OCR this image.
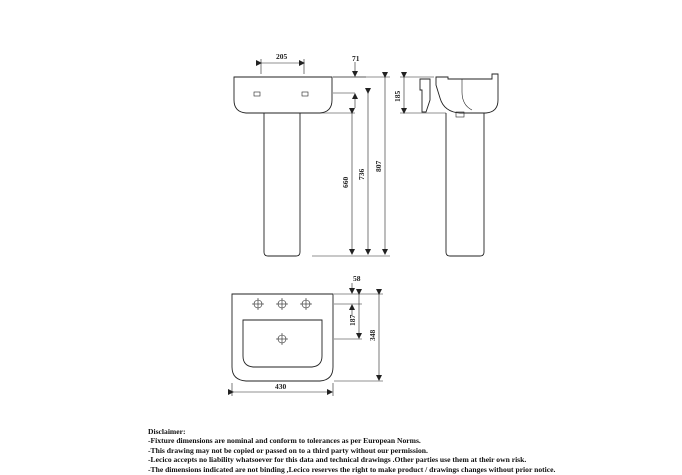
205	71
660
736
807
185
58
187
348
430
Disclaimer:
-Fixture dimensions are nominal and conform to tolerances as per European Norms.
-This drawing may not be copied or passed on to a third party without our permission.
-Lecico accepts no liability whatsoever for this data and technical drawings .Other parties use them at their own risk.
-The dimensions indicated are not binding ,Lecico reserves the right to make product / drawings changes without prior notice.
